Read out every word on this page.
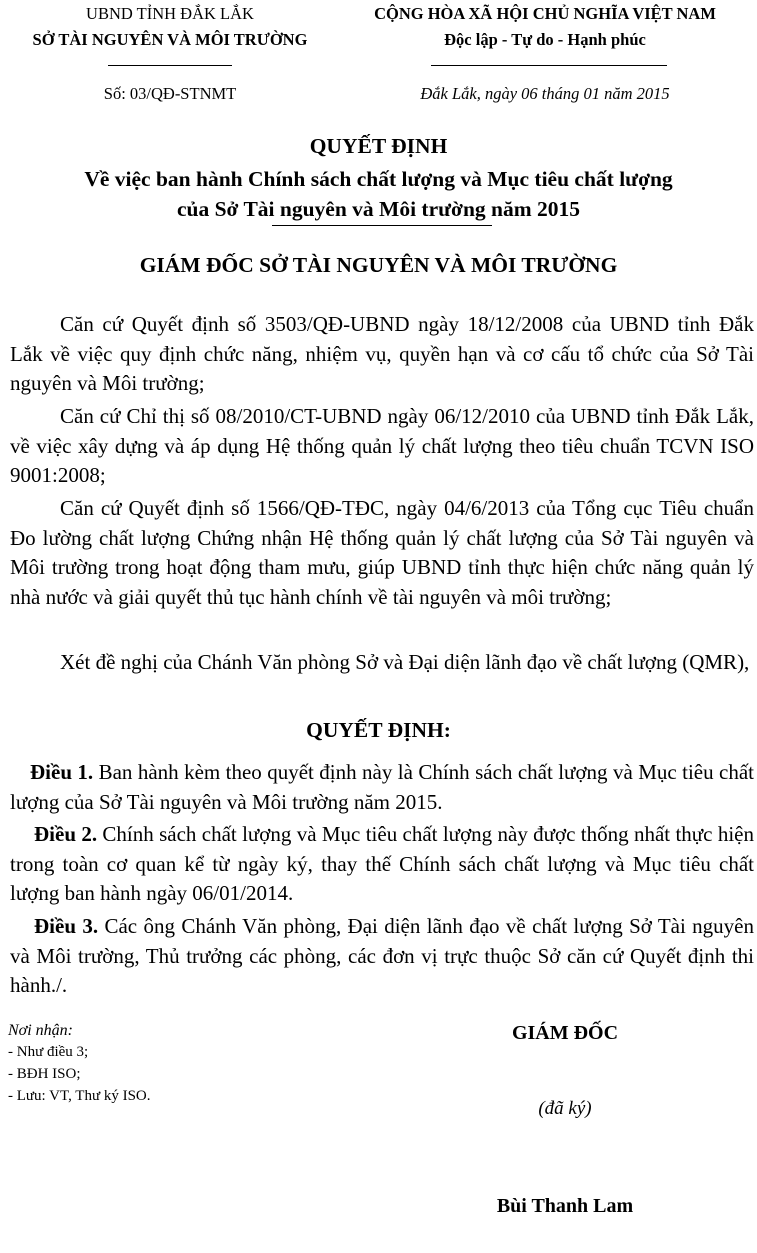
UBND TỈNH ĐẮK LẮK
SỞ TÀI NGUYÊN VÀ MÔI TRƯỜNG
Số: 03/QĐ-STNMT
CỘNG HÒA XÃ HỘI CHỦ NGHĨA VIỆT NAM
Độc lập - Tự do - Hạnh phúc
Đắk Lắk, ngày 06 tháng 01 năm 2015
QUYẾT ĐỊNH
Về việc ban hành Chính sách chất lượng và Mục tiêu chất lượng
của Sở Tài nguyên và Môi trường năm 2015
GIÁM ĐỐC SỞ TÀI NGUYÊN VÀ MÔI TRƯỜNG
Căn cứ Quyết định số 3503/QĐ-UBND ngày 18/12/2008 của UBND tỉnh Đắk Lắk về việc quy định chức năng, nhiệm vụ, quyền hạn và cơ cấu tổ chức của Sở Tài nguyên và Môi trường;
Căn cứ Chỉ thị số 08/2010/CT-UBND ngày 06/12/2010 của UBND tỉnh Đắk Lắk, về việc xây dựng và áp dụng Hệ thống quản lý chất lượng theo tiêu chuẩn TCVN ISO 9001:2008;
Căn cứ Quyết định số 1566/QĐ-TĐC, ngày 04/6/2013 của Tổng cục Tiêu chuẩn Đo lường chất lượng Chứng nhận Hệ thống quản lý chất lượng của Sở Tài nguyên và Môi trường trong hoạt động tham mưu, giúp UBND tỉnh thực hiện chức năng quản lý nhà nước và giải quyết thủ tục hành chính về tài nguyên và môi trường;
Xét đề nghị của Chánh Văn phòng Sở và Đại diện lãnh đạo về chất lượng (QMR),
QUYẾT ĐỊNH:
Điều 1. Ban hành kèm theo quyết định này là Chính sách chất lượng và Mục tiêu chất lượng của Sở Tài nguyên và Môi trường năm 2015.
Điều 2. Chính sách chất lượng và Mục tiêu chất lượng này được thống nhất thực hiện trong toàn cơ quan kể từ ngày ký, thay thế Chính sách chất lượng và Mục tiêu chất lượng ban hành ngày 06/01/2014.
Điều 3. Các ông Chánh Văn phòng, Đại diện lãnh đạo về chất lượng Sở Tài nguyên và Môi trường, Thủ trưởng các phòng, các đơn vị trực thuộc Sở căn cứ Quyết định thi hành./.
Nơi nhận:
- Như điều 3;
- BĐH ISO;
- Lưu: VT, Thư ký ISO.
GIÁM ĐỐC
(đã ký)
Bùi Thanh Lam
